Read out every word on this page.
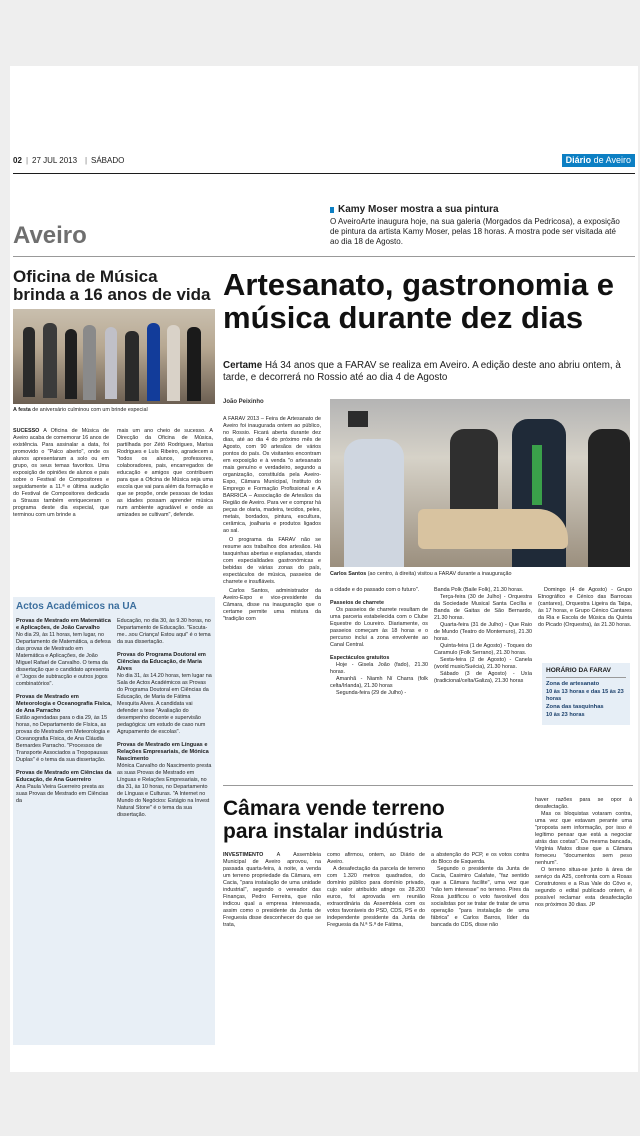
02 | 27 JUL 2013 | SÁBADO	Diário de Aveiro
Aveiro
Kamy Moser mostra a sua pintura
O AveiroArte inaugura hoje, na sua galeria (Morgados da Pedricosa), a exposição de pintura da artista Kamy Moser, pelas 18 horas. A mostra pode ser visitada até ao dia 18 de Agosto.
Oficina de Música brinda a 16 anos de vida
A festa de aniversário culminou com um brinde especial
SUCESSO A Oficina de Música de Aveiro acaba de comemorar 16 anos de existência. Para assinalar a data, foi promovido o "Palco aberto", onde os alunos apresentaram a solo ou em grupo, os seus temas favoritos. Uma exposição de opiniões de alunos e pais sobre o Festival de Compositores e seguidamente a 11.ª e última audição do Festival de Compositores dedicada a Strauss também enriqueceram o programa deste dia especial, que terminou com um brinde a
mais um ano cheio de sucesso. A Direcção da Oficina de Música, partilhada por Zétó Rodrigues, Marisa Rodrigues e Luís Ribeiro, agradecem a "todos os alunos, professores, colaboradores, pais, encarregados de educação e amigos que contribuem para que a Oficina de Música seja uma escola que vai para além da formação e que se propõe, onde pessoas de todas as idades possam aprender música num ambiente agradável e onde as amizades se cultivam", defende.
Actos Académicos na UA
Provas de Mestrado em Matemática e Aplicações, de João Carvalho
No dia 29, às 11 horas, tem lugar, no Departamento de Matemática, a defesa das provas de Mestrado em Matemática e Aplicações, de João Miguel Rafael de Carvalho. O tema da dissertação que o candidato apresenta é "Jogos de subtracção e outros jogos combinatórios".
Provas de Mestrado em Meteorologia e Oceanografia Física, de Ana Parracho
Estão agendadas para o dia 29, às 15 horas, no Departamento de Física, as provas do Mestrado em Meteorologia e Oceanografia Física, de Ana Cláudia Bernardes Parracho. "Processos de Transporte Associados a Tropopausas Duplas" é o tema da sua dissertação.
Provas de Mestrado em Ciências da Educação, de Ana Guerreiro
Ana Paula Vieira Guerreiro presta as suas Provas de Mestrado em Ciências da
Educação, no dia 30, às 9.30 horas, no Departamento de Educação. "Escuta-me...sou Criança! Estou aqui" é o tema da sua dissertação.
Provas do Programa Doutoral em Ciências da Educação, de Maria Alves
No dia 31, às 14.20 horas, tem lugar na Sala de Actos Académicos as Provas do Programa Doutoral em Ciências da Educação, de Maria de Fátima Mesquita Alves. A candidata vai defender a tese "Avaliação do desempenho docente e supervisão pedagógica: um estudo de caso num Agrupamento de escolas".
Provas de Mestrado em Línguas e Relações Empresariais, de Mónica Nascimento
Mónica Carvalho do Nascimento presta as suas Provas de Mestrado em Línguas e Relações Empresariais, no dia 31, às 10 horas, no Departamento de Línguas e Culturas. "A Internet no Mundo do Negócios: Estágio na Invest Natural Stone" é o tema da sua dissertação.
Artesanato, gastronomia e música durante dez dias
Certame Há 34 anos que a FARAV se realiza em Aveiro. A edição deste ano abriu ontem, à tarde, e decorrerá no Rossio até ao dia 4 de Agosto
João Peixinho

A FARAV 2013 – Feira de Artesanato de Aveiro foi inaugurada ontem ao público, no Rossio. Ficará aberta durante dez dias, até ao dia 4 do próximo mês de Agosto, com 90 artesãos de vários pontos do país. Os visitantes encontram em exposição e à venda "o artesanato mais genuíno e verdadeiro, segundo a organização, constituída pela Aveiro-Expo, Câmara Municipal, Instituto do Emprego e Formação Profissional e A BARRICA – Associação de Artesãos da Região de Aveiro. Para ver e comprar há peças de olaria, madeira, tecidos, peles, metais, bordados, pintura, escultura, cerâmica, joalharia e produtos ligados ao sal.

O programa da FARAV não se resume aos trabalhos dos artesãos. Há tasquinhas abertas e esplanadas, stands com especialidades gastronómicas e bebidas de várias zonas do país, espectáculos de música, passeios de charrete e insufláveis.

Carlos Santos, administrador da Aveiro-Expo e vice-presidente da Câmara, disse na inauguração que o certame permite uma mistura da "tradição com

Carlos Santos (ao centro, à direita) visitou a FARAV durante a inauguração

a cidade e do passado com o futuro".

Passeios de charrete

Os passeios de charrete resultam de uma parceria estabelecida com o Clube Equestre do Loureiro. Diariamente, os passeios começam às 18 horas e o percurso inclui a zona envolvente ao Canal Central.

Espectáculos gratuitos

Hoje - Gisela João (fado), 21.30 horas.

Amanhã - Niamh Ní Charra (folk celta/Irlanda), 21.30 horas

Segunda-feira (29 de Julho) -

Banda Polk (Baile Folk), 21.30 horas.

Terça-feira (30 de Julho) - Orquestra da Sociedade Musical Santa Cecília e Banda de Gaitas de São Bernardo, 21.30 horas.

Quarta-feira (31 de Julho) - Que Raio de Mundo (Teatro do Montemuro), 21.30 horas.

Quinta-feira (1 de Agosto) - Toques do Caramulo (Folk Serrano), 21.30 horas.

Sexta-feira (2 de Agosto) - Canela (world music/Suécia), 21.30 horas.

Sábado (3 de Agosto) - Uxía (tradicional/celta/Galiza), 21.30 horas

Domingo (4 de Agosto) - Grupo Etnográfico e Cénico das Barrocas (cantares), Orquestra Ligeira da Taipa, às 17 horas, e Grupo Cénico Cantares da Ria e Escola de Música da Quinta do Picado (Orquestra), às 21.30 horas.
HORÁRIO DA FARAV
Zona de artesanato
10 às 13 horas e das 15 às 23 horas
Zona das tasquinhas
10 às 23 horas
Câmara vende terreno para instalar indústria
INVESTIMENTO A Assembleia Municipal de Aveiro aprovou, na passada quarta-feira, à noite, a venda um terreno propriedade da Câmara, em Cacia, "para instalação de uma unidade industrial", segundo o vereador das Finanças, Pedro Ferreira, que não indicou qual a empresa interessada, assim como o presidente da Junta de Freguesia disse desconhecer do que se trata,

como afirmou, ontem, ao Diário de Aveiro.

A desafectação da parcela de terreno com 1.320 metros quadrados, do domínio público para domínio privado, cujo valor atribuído atinge os 28.200 euros, foi aprovada em reunião extraordinária da Assembleia com os votos favoráveis do PSD, CDS, PS e do independente presidente da Junta de Freguesia da N.ª S.ª de Fátima,

a abstenção do PCP, e os votos contra do Bloco de Esquerda.

Segundo o presidente da Junta de Cacia, Casimiro Calafate, "faz sentido que a Câmara facilite", uma vez que "não tem interesse" no terreno. Pires da Rosa justificou o voto favorável dos socialistas por se tratar de tratar de uma operação "para instalação de uma fábrica" e Carlos Barros, líder da bancada do CDS, disse não

haver razões para se opor à desafectação.

Mas os bloquistas votaram contra, uma vez que estavam perante uma "proposta sem informação, por isso é legítimo pensar que está a negociar atrás das costas". Da mesma bancada, Virgínia Matos disse que a Câmara forneceu "documentos sem peso nenhum".

O terreno situa-se junto à área de serviço da A25, confronta com a Rosas Construtores e a Rua Vale do Côvo e, segundo o edital publicado ontem, é possível reclamar esta desafectação nos próximos 30 dias. JP
